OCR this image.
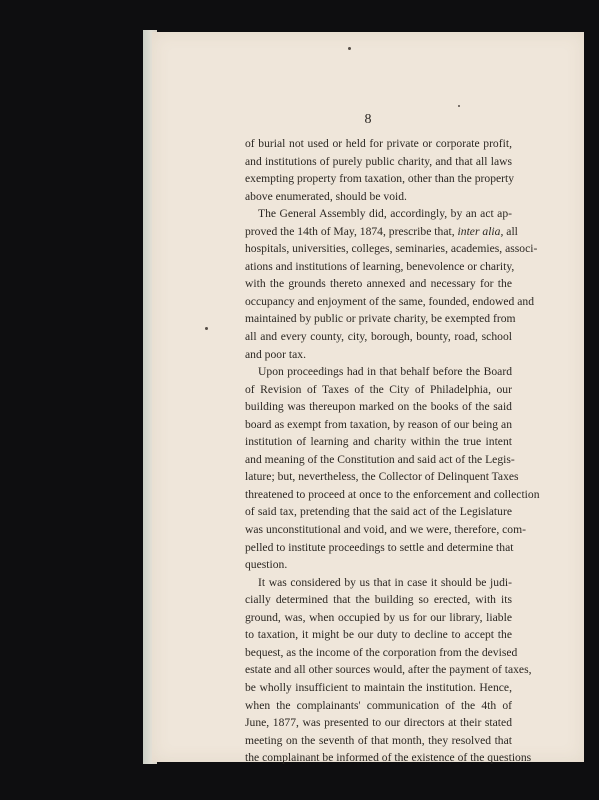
8
of burial not used or held for private or corporate profit,
and institutions of purely public charity, and that all laws
exempting property from taxation, other than the property
above enumerated, should be void.
The General Assembly did, accordingly, by an act ap-
proved the 14th of May, 1874, prescribe that, inter alia, all
hospitals, universities, colleges, seminaries, academies, associ-
ations and institutions of learning, benevolence or charity,
with the grounds thereto annexed and necessary for the
occupancy and enjoyment of the same, founded, endowed and
maintained by public or private charity, be exempted from
all and every county, city, borough, bounty, road, school
and poor tax.
Upon proceedings had in that behalf before the Board
of Revision of Taxes of the City of Philadelphia, our
building was thereupon marked on the books of the said
board as exempt from taxation, by reason of our being an
institution of learning and charity within the true intent
and meaning of the Constitution and said act of the Legis-
lature; but, nevertheless, the Collector of Delinquent Taxes
threatened to proceed at once to the enforcement and collection
of said tax, pretending that the said act of the Legislature
was unconstitutional and void, and we were, therefore, com-
pelled to institute proceedings to settle and determine that
question.
It was considered by us that in case it should be judi-
cially determined that the building so erected, with its
ground, was, when occupied by us for our library, liable
to taxation, it might be our duty to decline to accept the
bequest, as the income of the corporation from the devised
estate and all other sources would, after the payment of taxes,
be wholly insufficient to maintain the institution. Hence,
when the complainants' communication of the 4th of
June, 1877, was presented to our directors at their stated
meeting on the seventh of that month, they resolved that
the complainant be informed of the existence of the questions
